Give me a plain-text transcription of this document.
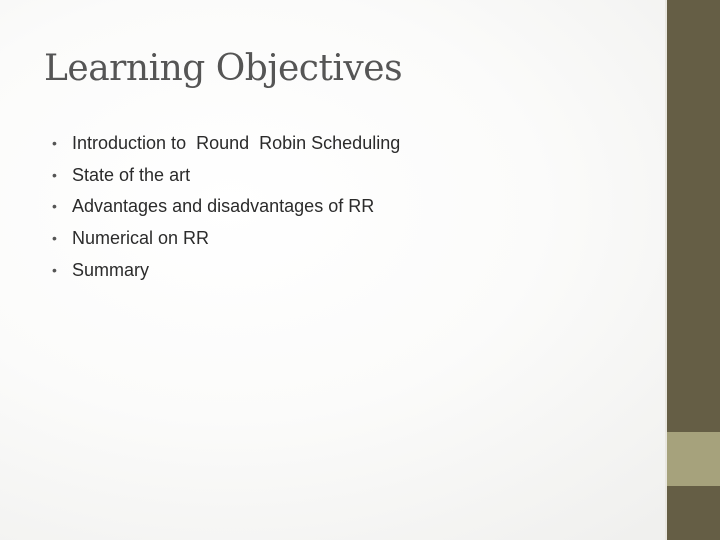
Learning Objectives

•

Introduction to  Round  Robin Scheduling

•

State of the art

•

Advantages and disadvantages of RR

•

Numerical on RR

•

Summary
